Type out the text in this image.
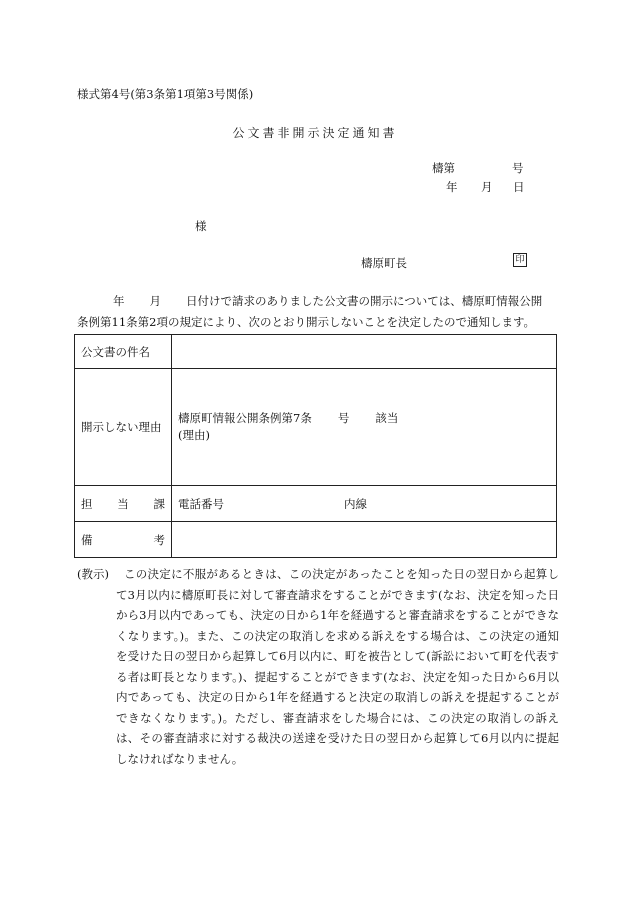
様式第4号(第3条第1項第3号関係)
公文書非開示決定通知書
檮第	号
年 月 日
様
檮原町長	印
年 月 日付けで請求のありました公文書の開示については、檮原町情報公開
条例第11条第2項の規定により、次のとおり開示しないことを決定したので通知します。
公文書の件名	
開示しない理由	檮原町情報公開条例第7条 号 該当
(理由)

担 当 課	電話番号 内線

備 考	

(教示)	この決定に不服があるときは、この決定があったことを知った日の翌日から起算して3月以内に檮原町長に対して審査請求をすることができます(なお、決定を知った日から3月以内であっても、決定の日から1年を経過すると審査請求をすることができなくなります。)。また、この決定の取消しを求める訴えをする場合は、この決定の通知を受けた日の翌日から起算して6月以内に、町を被告として(訴訟において町を代表する者は町長となります。)、提起することができます(なお、決定を知った日から6月以内であっても、決定の日から1年を経過すると決定の取消しの訴えを提起することができなくなります。)。ただし、審査請求をした場合には、この決定の取消しの訴えは、その審査請求に対する裁決の送達を受けた日の翌日から起算して6月以内に提起しなければなりません。
